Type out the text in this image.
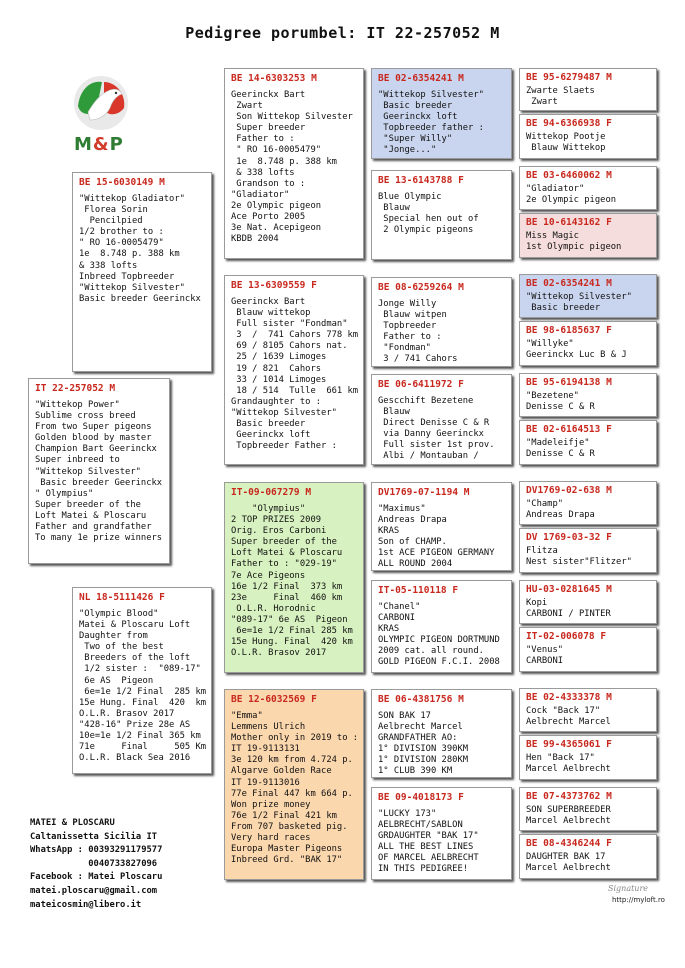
Pedigree porumbel: IT 22-257052 M
M&P
IT 22-257052 M
"Wittekop Power"
Sublime cross breed
From two Super pigeons
Golden blood by master
Champion Bart Geerinckx
Super inbreed to
"Wittekop Silvester"
Basic breeder Geerinckx
" Olympius"
Super breeder of the
Loft Matei & Ploscaru
Father and grandfather
To many 1e prize winners
BE 15-6030149 M
"Wittekop Gladiator"
Florea Sorin
Pencilpied
1/2 brother to :
" RO 16-0005479"
1e  8.748 p. 388 km
& 338 lofts
Inbreed Topbreeder
"Wittekop Silvester"
Basic breeder Geerinckx
NL 18-5111426 F
"Olympic Blood"
Matei & Ploscaru Loft
Daughter from
Two of the best
Breeders of the loft
1/2 sister :  "089-17"
6e AS  Pigeon
6e=1e 1/2 Final  285 km
15e Hung. Final  420  km
O.L.R. Brasov 2017
"428-16" Prize 28e AS
10e=1e 1/2 Final 365 km
71e     Final     505 Km
O.L.R. Black Sea 2016
BE 14-6303253 M
Geerinckx Bart
Zwart
Son Wittekop Silvester
Super breeder
Father to :
" RO 16-0005479"
1e  8.748 p. 388 km
& 338 lofts
Grandson to :
"Gladiator"
2e Olympic pigeon
Ace Porto 2005
3e Nat. Acepigeon
KBDB 2004
BE 13-6309559 F
Geerinckx Bart
Blauw wittekop
Full sister "Fondman"
3  /  741 Cahors 778 km
69 / 8105 Cahors nat.
25 / 1639 Limoges
19 / 821  Cahors
33 / 1014 Limoges
18 / 514  Tulle  661 km
Grandaughter to :
"Wittekop Silvester"
Basic breeder
Geerinckx loft
Topbreeder Father :
IT-09-067279 M
"Olympius"
2 TOP PRIZES 2009
Orig. Eros Carboni
Super breeder of the
Loft Matei & Ploscaru
Father to : "029-19"
7e Ace Pigeons
16e 1/2 Final  373 km
23e     Final  460 km
O.L.R. Horodnic
"089-17" 6e AS  Pigeon
6e=1e 1/2 Final 285 km
15e Hung. Final  420 km
O.L.R. Brasov 2017
BE 12-6032569 F
"Emma"
Lemmens Ulrich
Mother only in 2019 to :
IT 19-9113131
3e 120 km from 4.724 p.
Algarve Golden Race
IT 19-9113016
77e Final 447 km 664 p.
Won prize money
76e 1/2 Final 421 km
From 707 basketed pig.
Very hard races
Europa Master Pigeons
Inbreed Grd. "BAK 17"
BE 02-6354241 M
"Wittekop Silvester"
Basic breeder
Geerinckx loft
Topbreeder father :
"Super Willy"
"Jonge..."
BE 13-6143788 F
Blue Olympic
Blauw
Special hen out of
2 Olympic pigeons
BE 08-6259264 M
Jonge Willy
Blauw witpen
Topbreeder
Father to :
"Fondman"
3 / 741 Cahors
BE 06-6411972 F
Gescchift Bezetene
Blauw
Direct Denisse C & R
via Danny Geerinckx
Full sister 1st prov.
Albi / Montauban /
DV1769-07-1194 M
"Maximus"
Andreas Drapa
KRAS
Son of CHAMP.
1st ACE PIGEON GERMANY
ALL ROUND 2004
IT-05-110118 F
"Chanel"
CARBONI
KRAS
OLYMPIC PIGEON DORTMUND
2009 cat. all round.
GOLD PIGEON F.C.I. 2008
BE 06-4381756 M
SON BAK 17
Aelbrecht Marcel
GRANDFATHER AO:
1° DIVISION 390KM
1° DIVISION 280KM
1° CLUB 390 KM
BE 09-4018173 F
"LUCKY 173"
AELBRECHT/SABLON
GRDAUGHTER "BAK 17"
ALL THE BEST LINES
OF MARCEL AELBRECHT
IN THIS PEDIGREE!
BE 95-6279487 M
Zwarte Slaets
Zwart
BE 94-6366938 F
Wittekop Pootje
Blauw Wittekop
BE 03-6460062 M
"Gladiator"
2e Olympic pigeon
BE 10-6143162 F
Miss Magic
1st Olympic pigeon
BE 02-6354241 M
"Wittekop Silvester"
Basic breeder
BE 98-6185637 F
"Willyke"
Geerinckx Luc B & J
BE 95-6194138 M
"Bezetene"
Denisse C & R
BE 02-6164513 F
"Madeleifje"
Denisse C & R
DV1769-02-638 M
"Champ"
Andreas Drapa
DV 1769-03-32 F
Flitza
Nest sister"Flitzer"
HU-03-0281645 M
Kopi
CARBONI / PINTER
IT-02-006078 F
"Venus"
CARBONI
BE 02-4333378 M
Cock "Back 17"
Aelbrecht Marcel
BE 99-4365061 F
Hen "Back 17"
Marcel Aelbrecht
BE 07-4373762 M
SON SUPERBREEDER
Marcel Aelbrecht
BE 08-4346244 F
DAUGHTER BAK 17
Marcel Aelbrecht
MATEI & PLOSCARU
Caltanissetta Sicilia IT
WhatsApp : 00393291179577
0040733827096
Facebook : Matei Ploscaru
matei.ploscaru@gmail.com
mateicosmin@libero.it
Signature
http://myloft.ro
